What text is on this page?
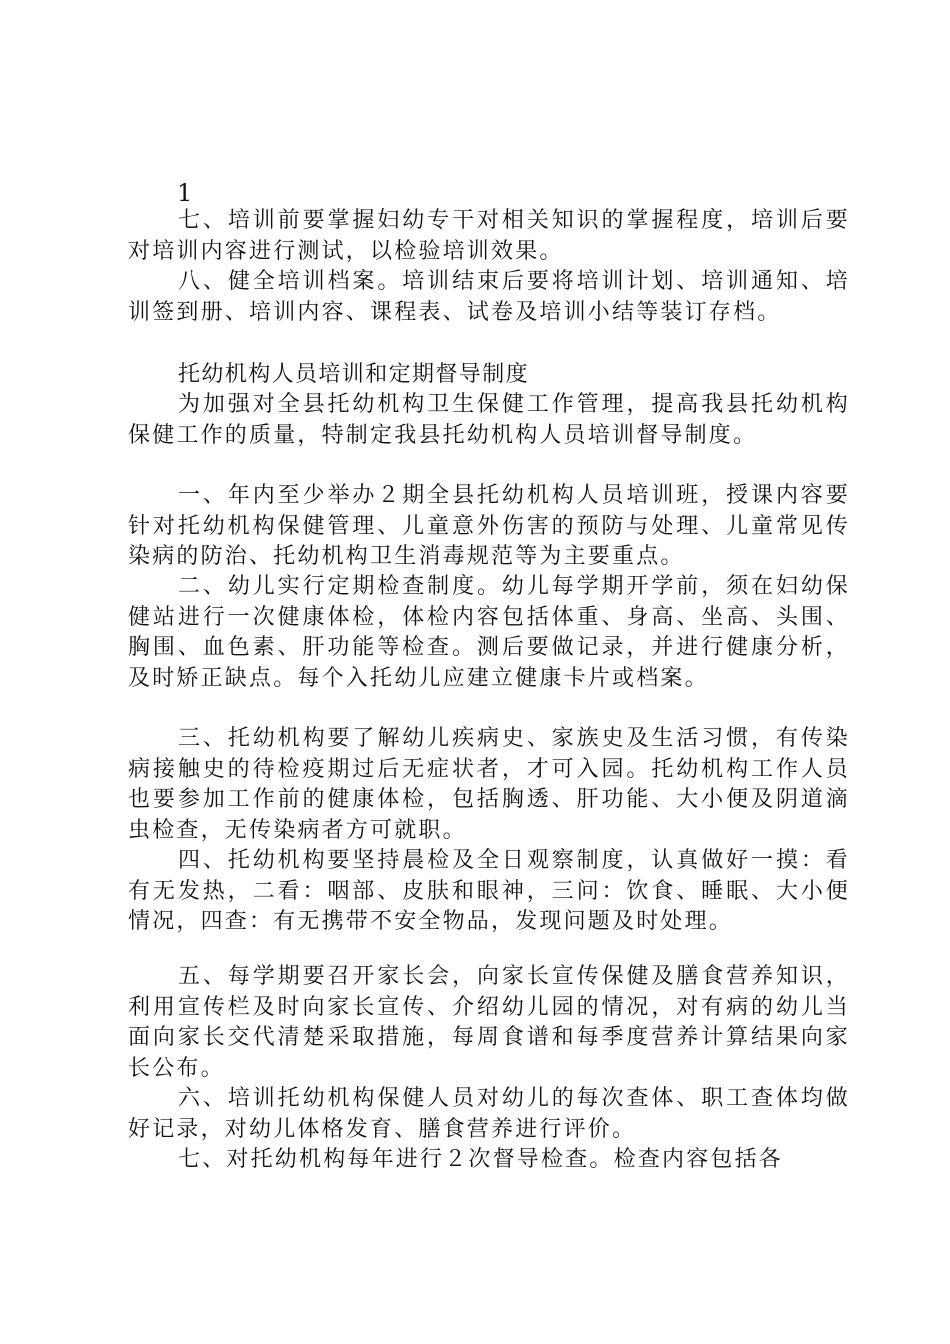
1

七、培训前要掌握妇幼专干对相关知识的掌握程度，培训后要对培训内容进行测试，以检验培训效果。

八、健全培训档案。培训结束后要将培训计划、培训通知、培训签到册、培训内容、课程表、试卷及培训小结等装订存档。

托幼机构人员培训和定期督导制度

为加强对全县托幼机构卫生保健工作管理，提高我县托幼机构保健工作的质量，特制定我县托幼机构人员培训督导制度。

一、年内至少举办２期全县托幼机构人员培训班，授课内容要针对托幼机构保健管理、儿童意外伤害的预防与处理、儿童常见传染病的防治、托幼机构卫生消毒规范等为主要重点。

二、幼儿实行定期检查制度。幼儿每学期开学前，须在妇幼保健站进行一次健康体检，体检内容包括体重、身高、坐高、头围、胸围、血色素、肝功能等检查。测后要做记录，并进行健康分析，及时矫正缺点。每个入托幼儿应建立健康卡片或档案。

三、托幼机构要了解幼儿疾病史、家族史及生活习惯，有传染病接触史的待检疫期过后无症状者，才可入园。托幼机构工作人员也要参加工作前的健康体检，包括胸透、肝功能、大小便及阴道滴虫检查，无传染病者方可就职。

四、托幼机构要坚持晨检及全日观察制度，认真做好一摸：看有无发热，二看：咽部、皮肤和眼神，三问：饮食、睡眠、大小便情况，四查：有无携带不安全物品，发现问题及时处理。

五、每学期要召开家长会，向家长宣传保健及膳食营养知识，利用宣传栏及时向家长宣传、介绍幼儿园的情况，对有病的幼儿当面向家长交代清楚采取措施，每周食谱和每季度营养计算结果向家长公布。

六、培训托幼机构保健人员对幼儿的每次查体、职工查体均做好记录，对幼儿体格发育、膳食营养进行评价。

七、对托幼机构每年进行２次督导检查。检查内容包括各
